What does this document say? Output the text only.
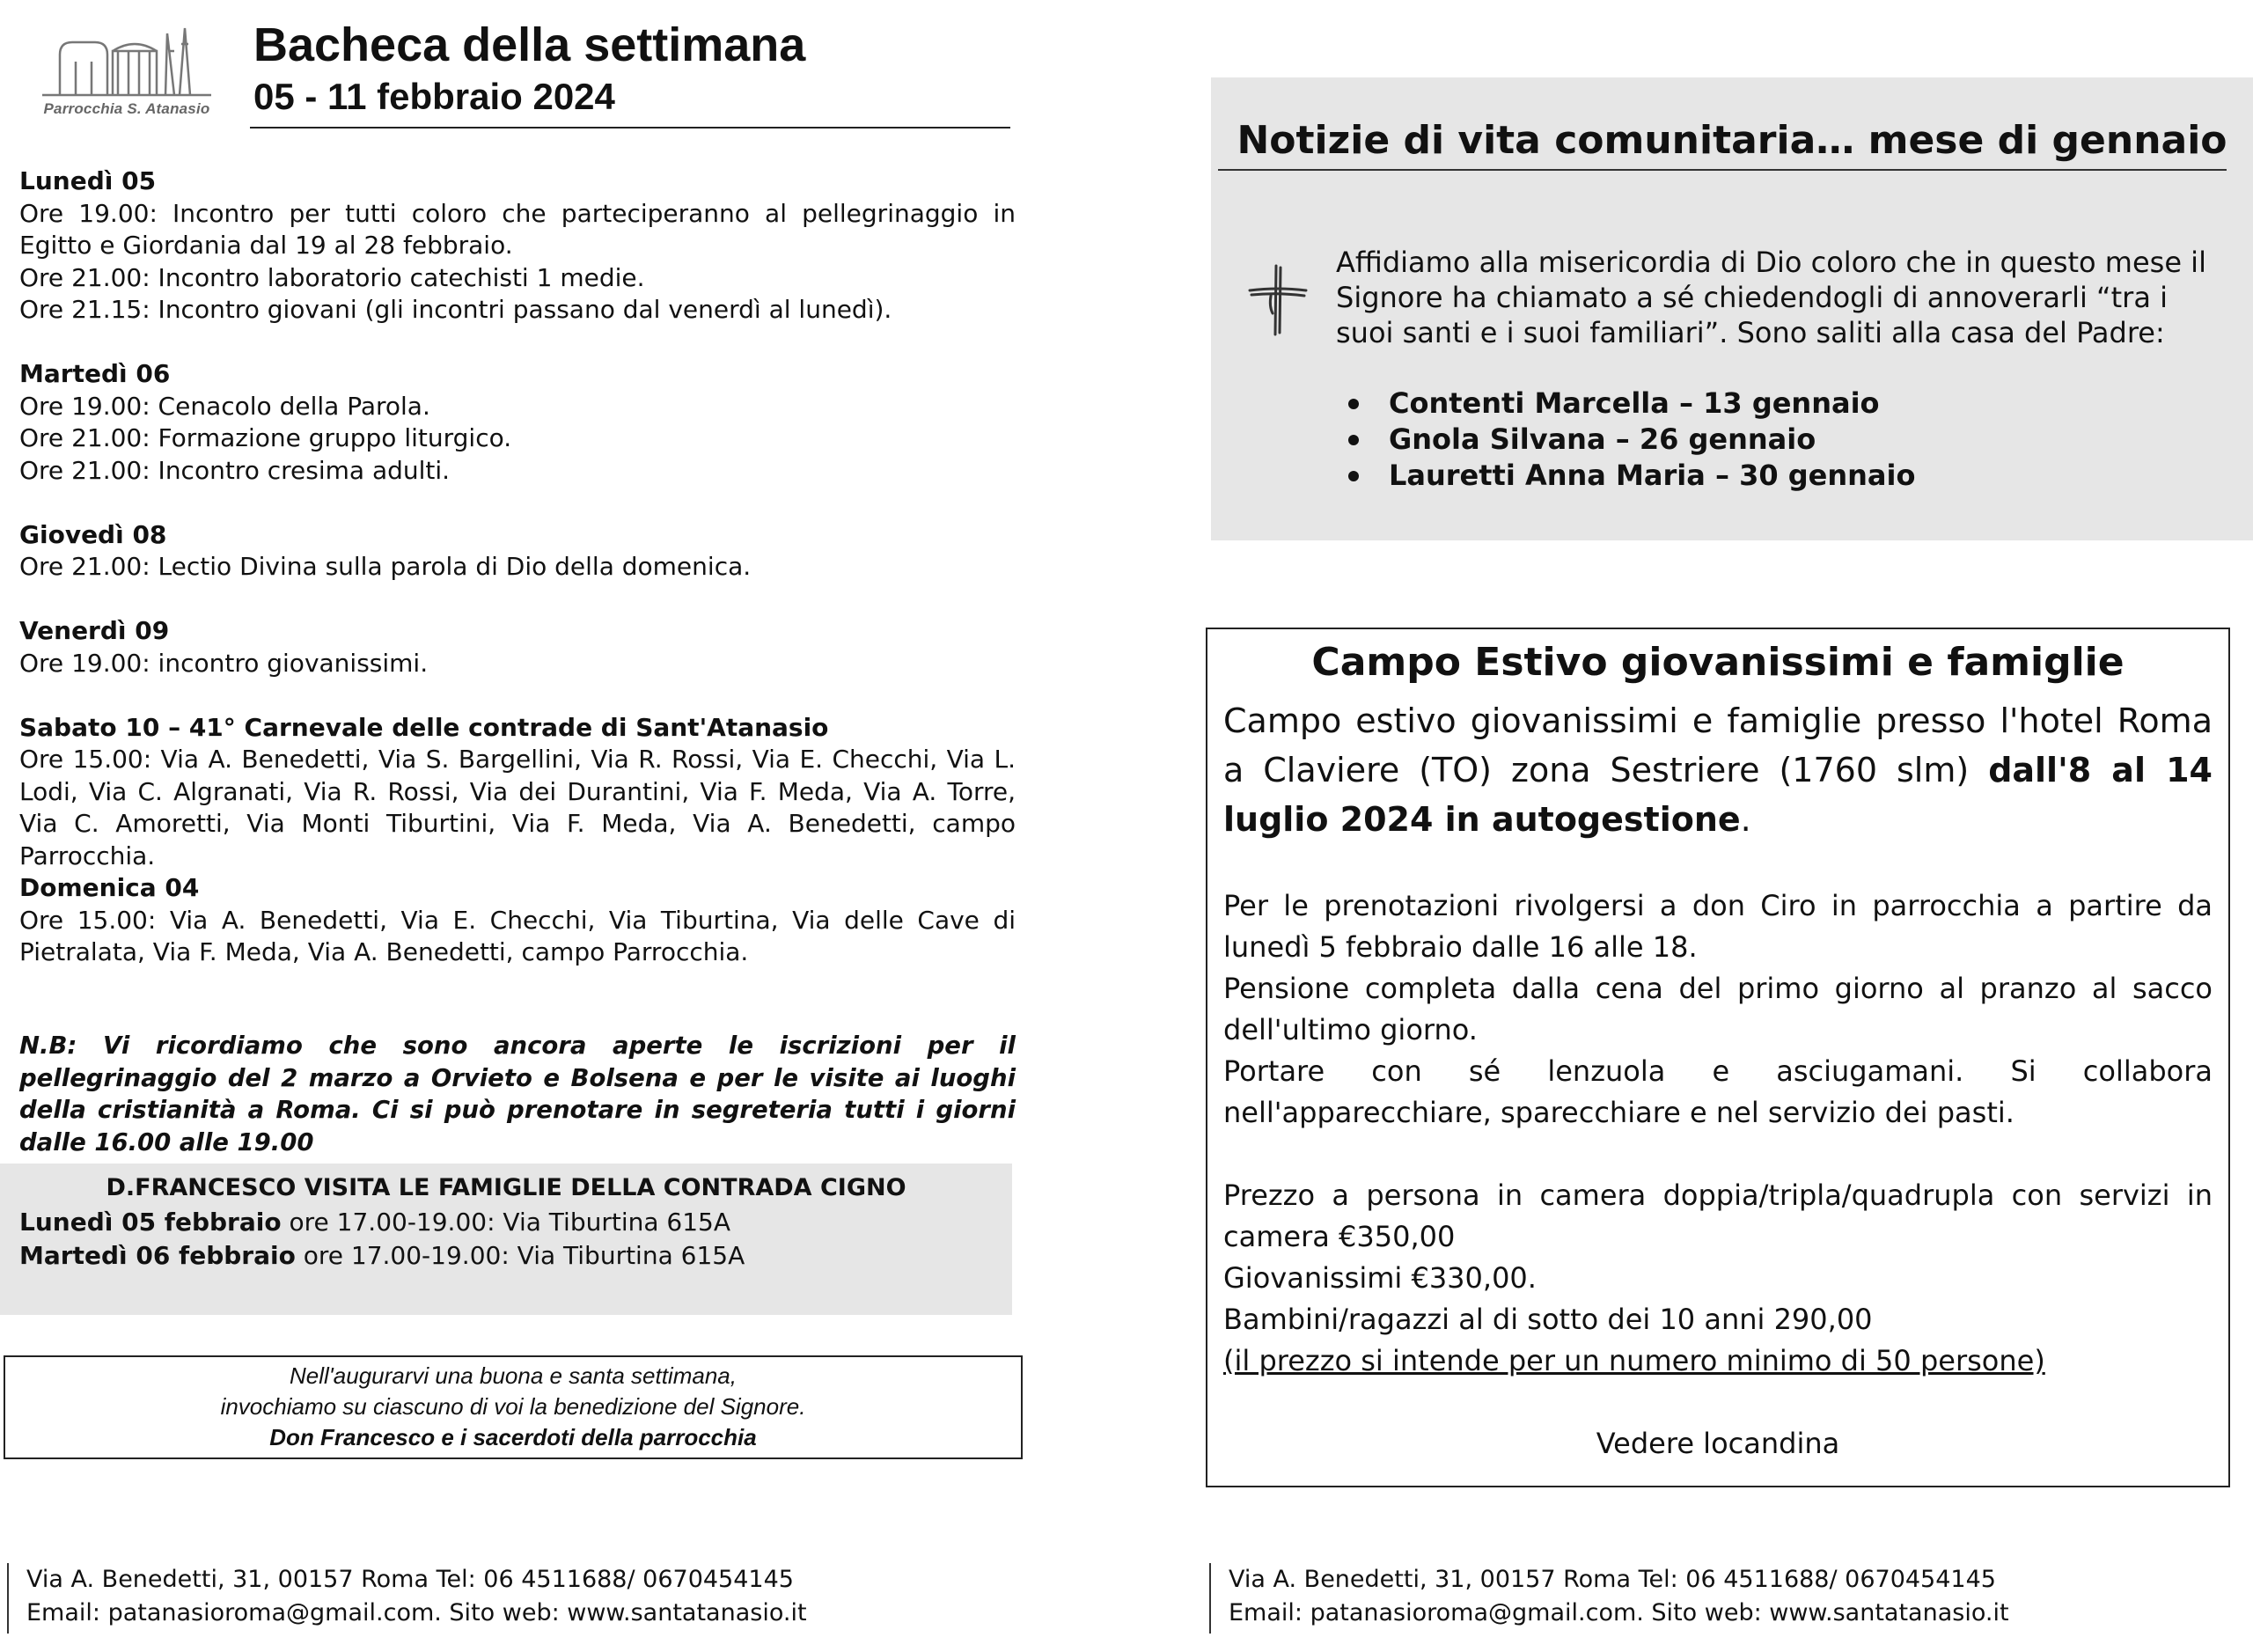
Parrocchia S. Atanasio
Bacheca della settimana
05 - 11 febbraio 2024
Lunedì 05
Ore 19.00: Incontro per tutti coloro che parteciperanno al pellegrinaggio in Egitto e Giordania dal 19 al 28 febbraio.
Ore 21.00: Incontro laboratorio catechisti 1 medie.
Ore 21.15: Incontro giovani (gli incontri passano dal venerdì al lunedì).
Martedì 06
Ore 19.00: Cenacolo della Parola.
Ore 21.00: Formazione gruppo liturgico.
Ore 21.00: Incontro cresima adulti.
Giovedì 08
Ore 21.00: Lectio Divina sulla parola di Dio della domenica.
Venerdì 09
Ore 19.00: incontro giovanissimi.
Sabato 10 – 41° Carnevale delle contrade di Sant'Atanasio
Ore 15.00: Via A. Benedetti, Via S. Bargellini, Via R. Rossi, Via E. Checchi, Via L. Lodi, Via C. Algranati, Via R. Rossi, Via dei Durantini, Via F. Meda, Via A. Torre, Via C. Amoretti, Via Monti Tiburtini, Via F. Meda, Via A. Benedetti, campo Parrocchia.
Domenica 04
Ore 15.00: Via A. Benedetti, Via E. Checchi, Via Tiburtina, Via delle Cave di Pietralata, Via F. Meda, Via A. Benedetti, campo Parrocchia.
N.B: Vi ricordiamo che sono ancora aperte le iscrizioni per il pellegrinaggio del 2 marzo a Orvieto e Bolsena e per le visite ai luoghi della cristianità a Roma. Ci si può prenotare in segreteria tutti i giorni dalle 16.00 alle 19.00
D.FRANCESCO VISITA LE FAMIGLIE DELLA CONTRADA CIGNO
Lunedì 05 febbraio ore 17.00-19.00: Via Tiburtina 615A
Martedì 06 febbraio ore 17.00-19.00: Via Tiburtina 615A
Nell'augurarvi una buona e santa settimana,
invochiamo su ciascuno di voi la benedizione del Signore.
Don Francesco e i sacerdoti della parrocchia
Via A. Benedetti, 31, 00157 Roma Tel: 06 4511688/ 0670454145
Email: patanasioroma@gmail.com. Sito web: www.santatanasio.it
Notizie di vita comunitaria… mese di gennaio
Affidiamo alla misericordia di Dio coloro che in questo mese il Signore ha chiamato a sé chiedendogli di annoverarli “tra i suoi santi e i suoi familiari”. Sono saliti alla casa del Padre:
Contenti Marcella – 13 gennaio
Gnola Silvana – 26 gennaio
Lauretti Anna Maria – 30 gennaio
Campo Estivo giovanissimi e famiglie
Campo estivo giovanissimi e famiglie presso l'hotel Roma a Claviere (TO) zona Sestriere (1760 slm) dall'8 al 14 luglio 2024 in autogestione.
Per le prenotazioni rivolgersi a don Ciro in parrocchia a partire da lunedì 5 febbraio dalle 16 alle 18.
Pensione completa dalla cena del primo giorno al pranzo al sacco dell'ultimo giorno.
Portare con sé lenzuola e asciugamani. Si collabora nell'apparecchiare, sparecchiare e nel servizio dei pasti.
Prezzo a persona in camera doppia/tripla/quadrupla con servizi in camera €350,00
Giovanissimi €330,00.
Bambini/ragazzi al di sotto dei 10 anni 290,00
(il prezzo si intende per un numero minimo di 50 persone)
Vedere locandina
Via A. Benedetti, 31, 00157 Roma Tel: 06 4511688/ 0670454145
Email: patanasioroma@gmail.com. Sito web: www.santatanasio.it
